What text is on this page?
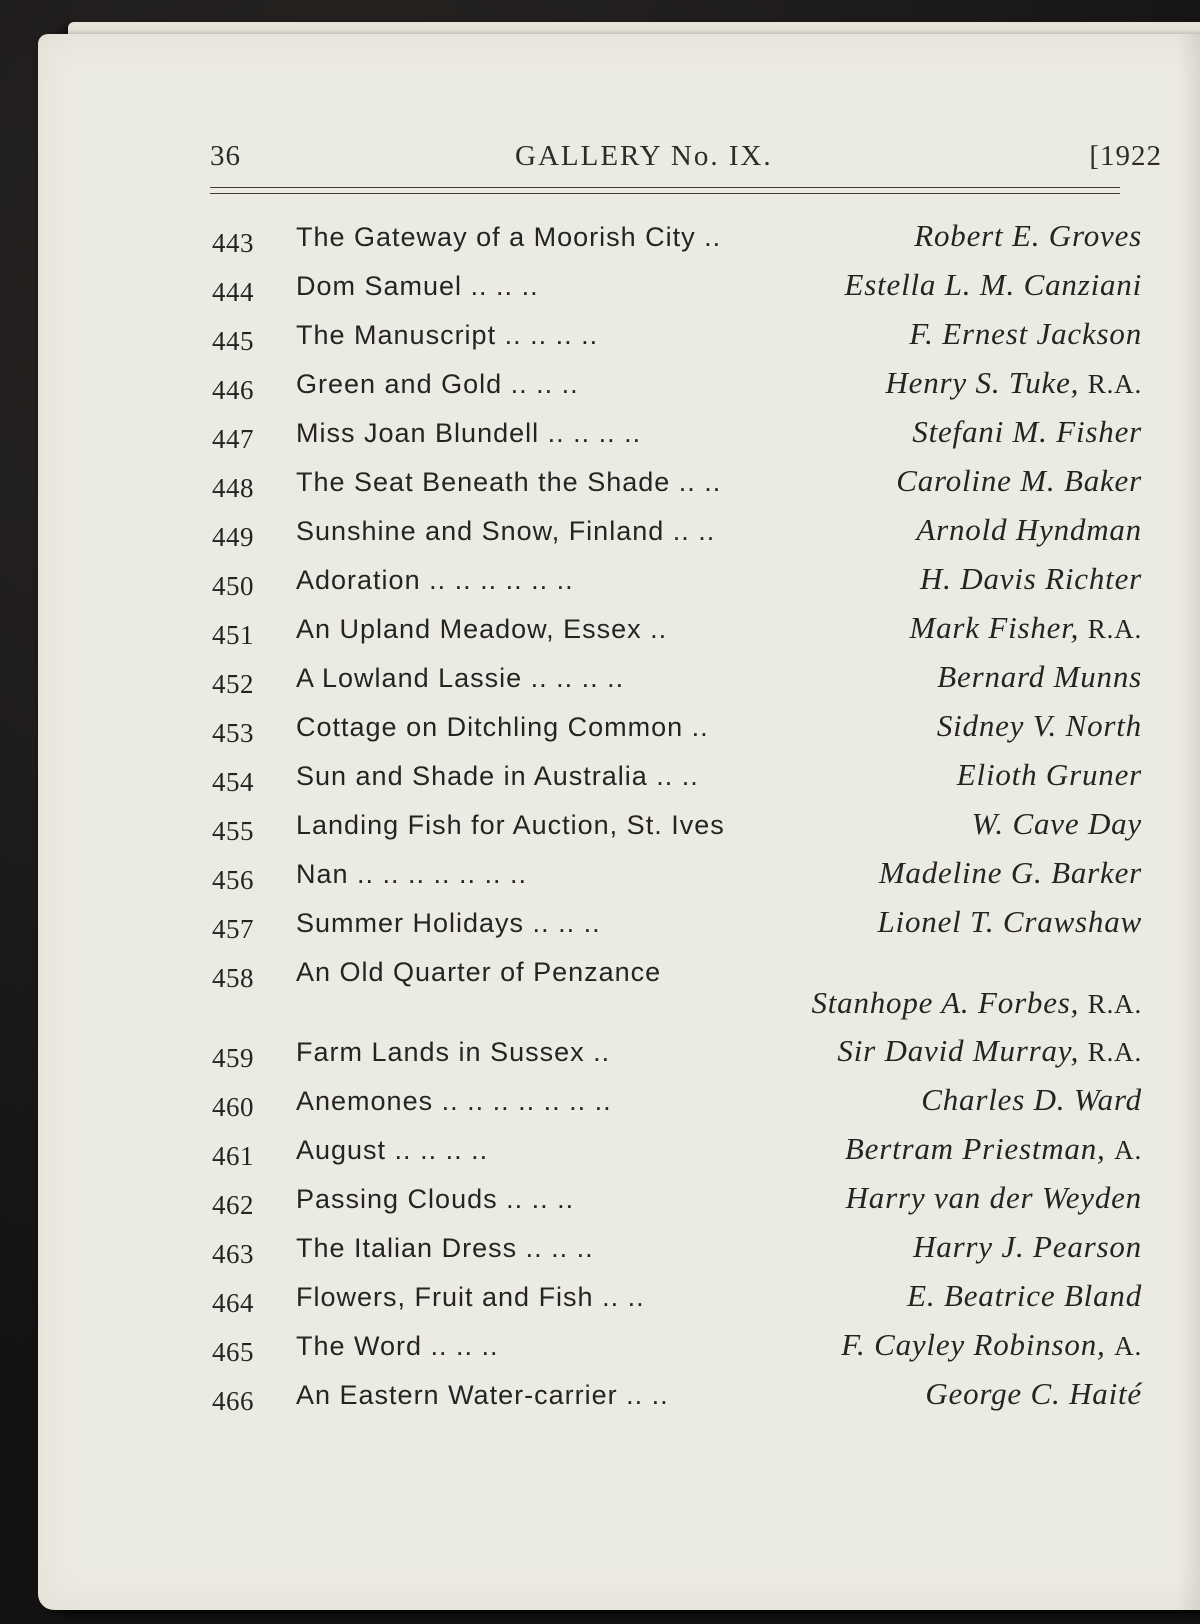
36	GALLERY No. IX.	[1922
443 The Gateway of a Moorish City ..	Robert E. Groves
444 Dom Samuel .. .. ..	Estella L. M. Canziani
445 The Manuscript .. .. .. ..	F. Ernest Jackson
446 Green and Gold .. .. ..	Henry S. Tuke, R.A.
447 Miss Joan Blundell .. .. .. ..	Stefani M. Fisher
448 The Seat Beneath the Shade .. ..	Caroline M. Baker
449 Sunshine and Snow, Finland .. ..	Arnold Hyndman
450 Adoration .. .. .. .. .. ..	H. Davis Richter
451 An Upland Meadow, Essex ..	Mark Fisher, R.A.
452 A Lowland Lassie .. .. .. ..	Bernard Munns
453 Cottage on Ditchling Common ..	Sidney V. North
454 Sun and Shade in Australia .. ..	Elioth Gruner
455 Landing Fish for Auction, St. Ives	W. Cave Day
456 Nan .. .. .. .. .. .. ..	Madeline G. Barker
457 Summer Holidays .. .. ..	Lionel T. Crawshaw
458 An Old Quarter of Penzance
Stanhope A. Forbes, R.A.
459 Farm Lands in Sussex ..	Sir David Murray, R.A.
460 Anemones .. .. .. .. .. .. ..	Charles D. Ward
461 August .. .. .. ..	Bertram Priestman, A.
462 Passing Clouds .. .. ..	Harry van der Weyden
463 The Italian Dress .. .. ..	Harry J. Pearson
464 Flowers, Fruit and Fish .. ..	E. Beatrice Bland
465 The Word .. .. ..	F. Cayley Robinson, A.
466 An Eastern Water-carrier .. ..	George C. Haité
